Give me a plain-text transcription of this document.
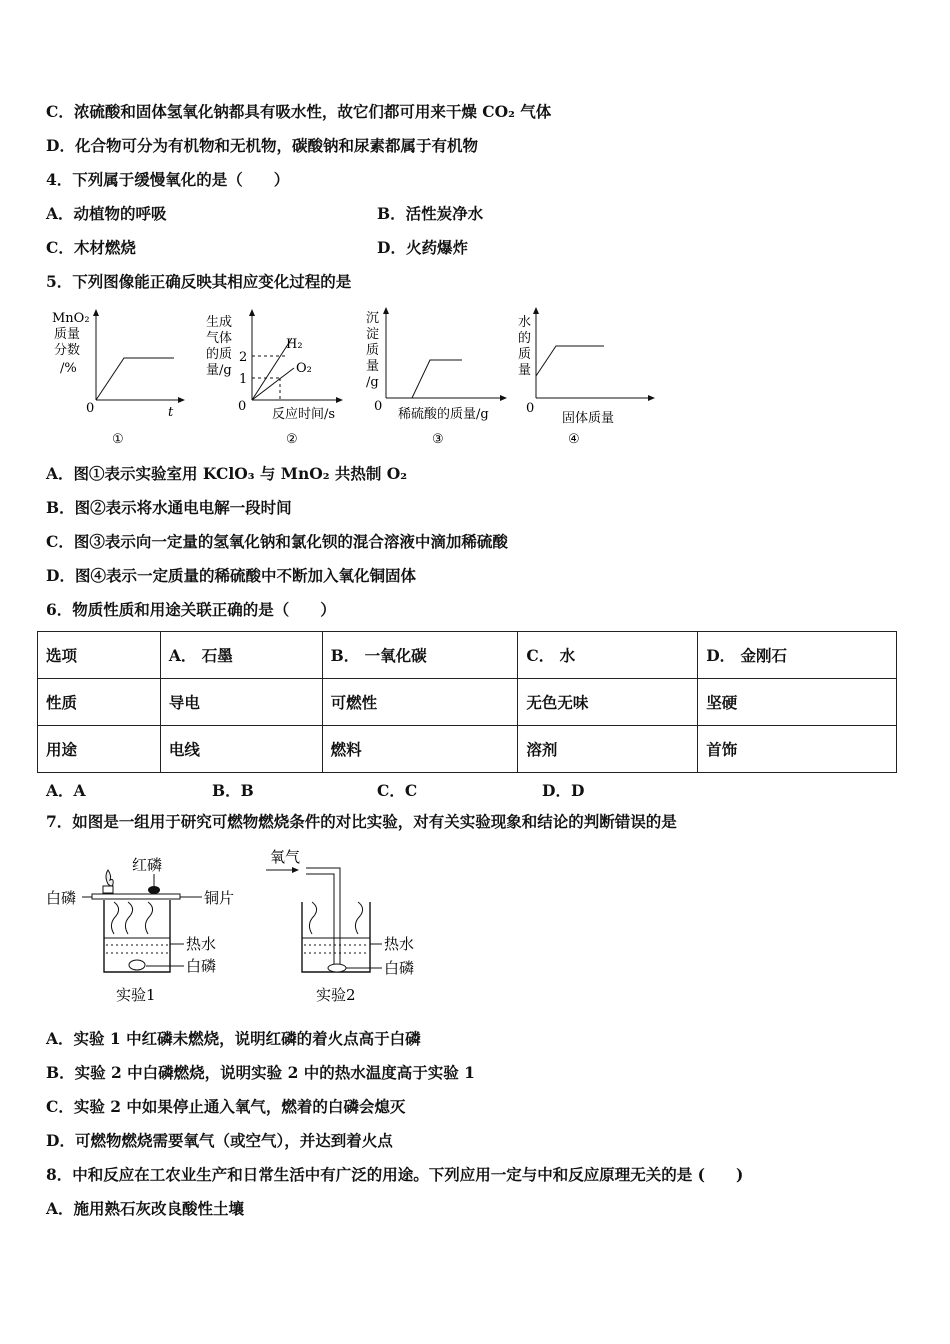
C．浓硫酸和固体氢氧化钠都具有吸水性，故它们都可用来干燥 CO₂ 气体
D．化合物可分为有机物和无机物，碳酸钠和尿素都属于有机物
4．下列属于缓慢氧化的是（　　）
A．动植物的呼吸	B．活性炭净水
C．木材燃烧	D．火药爆炸
5．下列图像能正确反映其相应变化过程的是
MnO₂
质量
分数
/%
0	t
①
生成
气体
的质
量/g
2
1
0
H₂
O₂
反应时间/s
②
沉
淀
质
量
/g
0
稀硫酸的质量/g
③
水
的
质
量
0
固体质量
④
A．图①表示实验室用 KClO₃ 与 MnO₂ 共热制 O₂
B．图②表示将水通电电解一段时间
C．图③表示向一定量的氢氧化钠和氯化钡的混合溶液中滴加稀硫酸
D．图④表示一定质量的稀硫酸中不断加入氧化铜固体
6．物质性质和用途关联正确的是（　　）
选项	A． 石墨	B． 一氧化碳	C． 水	D． 金刚石
性质	导电	可燃性	无色无味	坚硬
用途	电线	燃料	溶剂	首饰
A．A	B．B	C．C	D．D
7．如图是一组用于研究可燃物燃烧条件的对比实验，对有关实验现象和结论的判断错误的是
红磷
白磷	铜片
热水
白磷
实验1
氧气
热水
白磷
实验2
A．实验 1 中红磷未燃烧，说明红磷的着火点高于白磷
B．实验 2 中白磷燃烧，说明实验 2 中的热水温度高于实验 1
C．实验 2 中如果停止通入氧气，燃着的白磷会熄灭
D．可燃物燃烧需要氧气（或空气），并达到着火点
8．中和反应在工农业生产和日常生活中有广泛的用途。下列应用一定与中和反应原理无关的是 (　　)
A．施用熟石灰改良酸性土壤
